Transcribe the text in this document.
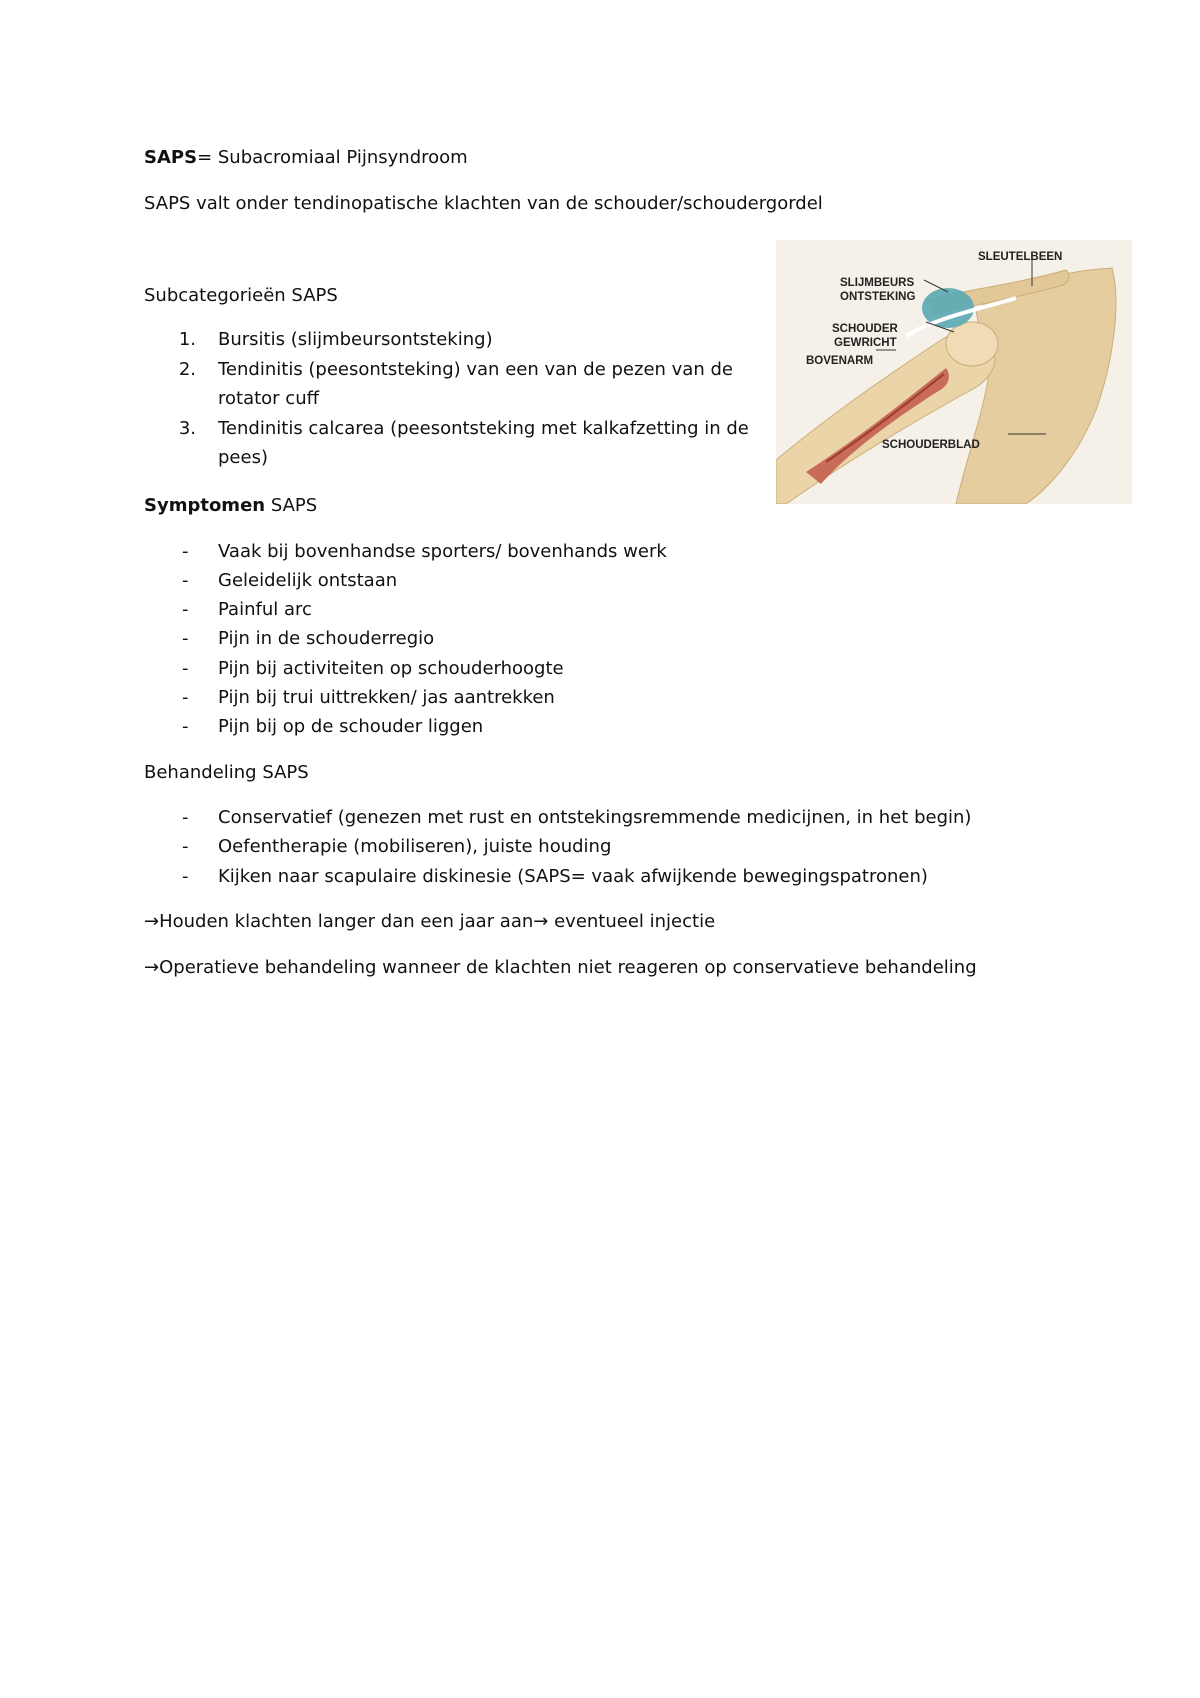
SAPS= Subacromiaal Pijnsyndroom
SAPS valt onder tendinopatische klachten van de schouder/schoudergordel
Subcategorieën SAPS
1. Bursitis (slijmbeursontsteking)
2. Tendinitis (peesontsteking) van een van de pezen van de rotator cuff
3. Tendinitis calcarea (peesontsteking met kalkafzetting in de pees)
Symptomen SAPS
- Vaak bij bovenhandse sporters/ bovenhands werk
- Geleidelijk ontstaan
- Painful arc
- Pijn in de schouderregio
- Pijn bij activiteiten op schouderhoogte
- Pijn bij trui uittrekken/ jas aantrekken
- Pijn bij op de schouder liggen
Behandeling SAPS
- Conservatief (genezen met rust en ontstekingsremmende medicijnen, in het begin)
- Oefentherapie (mobiliseren), juiste houding
- Kijken naar scapulaire diskinesie (SAPS= vaak afwijkende bewegingspatronen)
→Houden klachten langer dan een jaar aan→ eventueel injectie
→Operatieve behandeling wanneer de klachten niet reageren op conservatieve behandeling
SLEUTELBEEN
SLIJMBEURS
ONTSTEKING
SCHOUDER
GEWRICHT
BOVENARM
SCHOUDERBLAD
